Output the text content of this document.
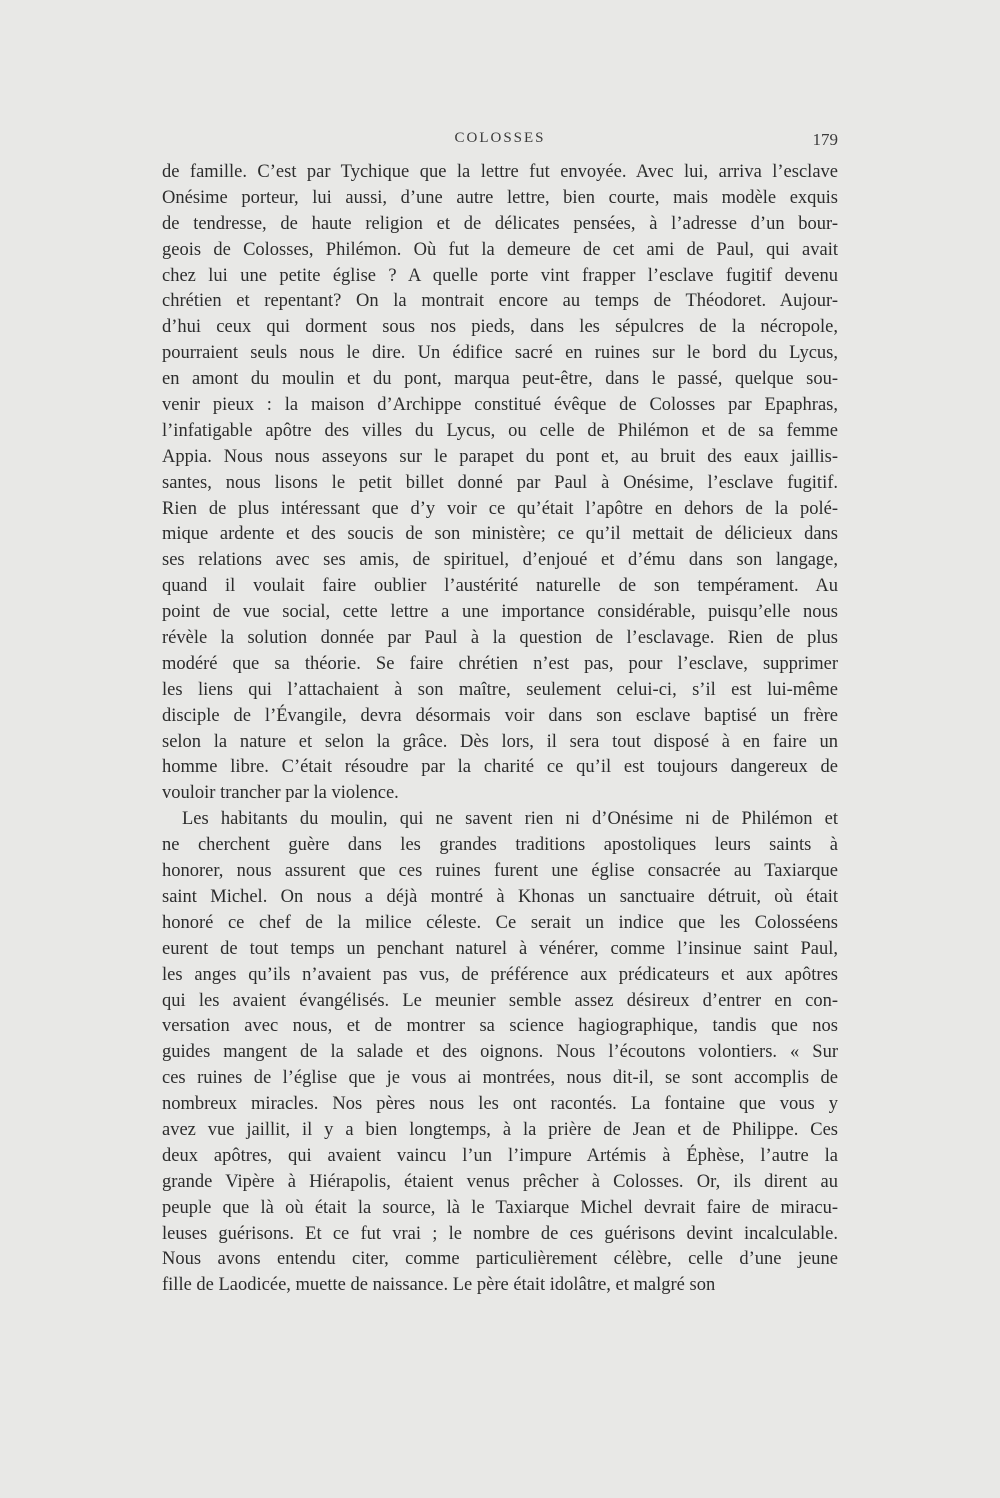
COLOSSES	179
de famille. C’est par Tychique que la lettre fut envoyée. Avec lui, arriva l’esclave
Onésime porteur, lui aussi, d’une autre lettre, bien courte, mais modèle exquis
de tendresse, de haute religion et de délicates pensées, à l’adresse d’un bour-
geois de Colosses, Philémon. Où fut la demeure de cet ami de Paul, qui avait
chez lui une petite église ? A quelle porte vint frapper l’esclave fugitif devenu
chrétien et repentant? On la montrait encore au temps de Théodoret. Aujour-
d’hui ceux qui dorment sous nos pieds, dans les sépulcres de la nécropole,
pourraient seuls nous le dire. Un édifice sacré en ruines sur le bord du Lycus,
en amont du moulin et du pont, marqua peut-être, dans le passé, quelque sou-
venir pieux : la maison d’Archippe constitué évêque de Colosses par Epaphras,
l’infatigable apôtre des villes du Lycus, ou celle de Philémon et de sa femme
Appia. Nous nous asseyons sur le parapet du pont et, au bruit des eaux jaillis-
santes, nous lisons le petit billet donné par Paul à Onésime, l’esclave fugitif.
Rien de plus intéressant que d’y voir ce qu’était l’apôtre en dehors de la polé-
mique ardente et des soucis de son ministère; ce qu’il mettait de délicieux dans
ses relations avec ses amis, de spirituel, d’enjoué et d’ému dans son langage,
quand il voulait faire oublier l’austérité naturelle de son tempérament. Au
point de vue social, cette lettre a une importance considérable, puisqu’elle nous
révèle la solution donnée par Paul à la question de l’esclavage. Rien de plus
modéré que sa théorie. Se faire chrétien n’est pas, pour l’esclave, supprimer
les liens qui l’attachaient à son maître, seulement celui-ci, s’il est lui-même
disciple de l’Évangile, devra désormais voir dans son esclave baptisé un frère
selon la nature et selon la grâce. Dès lors, il sera tout disposé à en faire un
homme libre. C’était résoudre par la charité ce qu’il est toujours dangereux de
vouloir trancher par la violence.
Les habitants du moulin, qui ne savent rien ni d’Onésime ni de Philémon et
ne cherchent guère dans les grandes traditions apostoliques leurs saints à
honorer, nous assurent que ces ruines furent une église consacrée au Taxiarque
saint Michel. On nous a déjà montré à Khonas un sanctuaire détruit, où était
honoré ce chef de la milice céleste. Ce serait un indice que les Colosséens
eurent de tout temps un penchant naturel à vénérer, comme l’insinue saint Paul,
les anges qu’ils n’avaient pas vus, de préférence aux prédicateurs et aux apôtres
qui les avaient évangélisés. Le meunier semble assez désireux d’entrer en con-
versation avec nous, et de montrer sa science hagiographique, tandis que nos
guides mangent de la salade et des oignons. Nous l’écoutons volontiers. « Sur
ces ruines de l’église que je vous ai montrées, nous dit-il, se sont accomplis de
nombreux miracles. Nos pères nous les ont racontés. La fontaine que vous y
avez vue jaillit, il y a bien longtemps, à la prière de Jean et de Philippe. Ces
deux apôtres, qui avaient vaincu l’un l’impure Artémis à Éphèse, l’autre la
grande Vipère à Hiérapolis, étaient venus prêcher à Colosses. Or, ils dirent au
peuple que là où était la source, là le Taxiarque Michel devrait faire de miracu-
leuses guérisons. Et ce fut vrai ; le nombre de ces guérisons devint incalculable.
Nous avons entendu citer, comme particulièrement célèbre, celle d’une jeune
fille de Laodicée, muette de naissance. Le père était idolâtre, et malgré son
